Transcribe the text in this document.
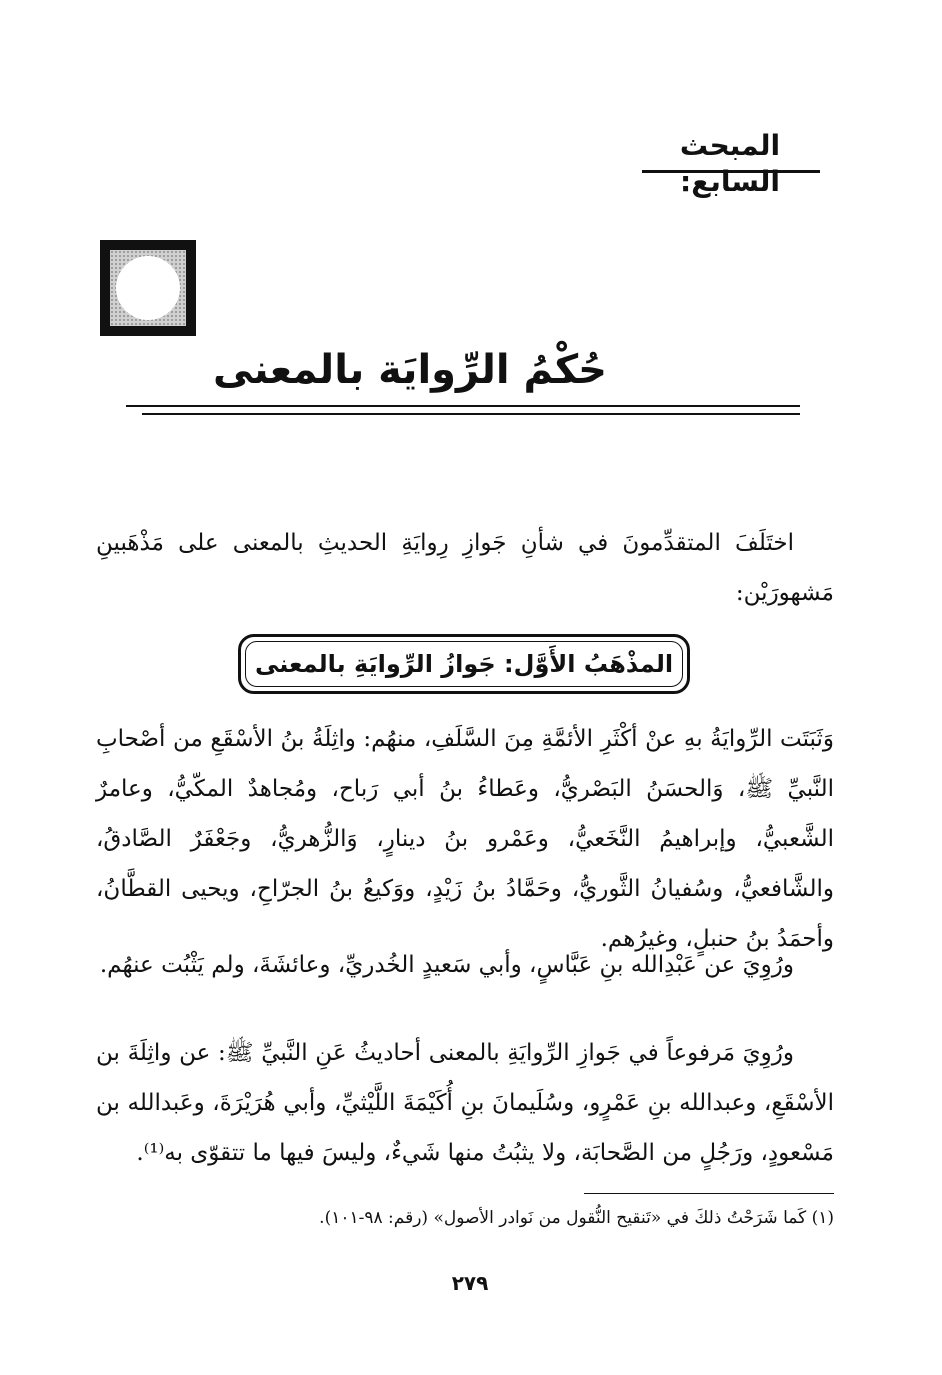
المبحث السابع:
حُكْمُ الرِّوايَة بالمعنى
اختَلَفَ المتقدِّمونَ في شأنِ جَوازِ رِوايَةِ الحديثِ بالمعنى على مَذْهَبينِ مَشهورَيْن:
المذْهَبُ الأَوَّل: جَوازُ الرِّوايَةِ بالمعنى
وَثَبَتَت الرِّوايَةُ بهِ عنْ أكْثَرِ الأئمَّةِ مِنَ السَّلَفِ، منهُم: واثِلَةُ بنُ الأسْقَعِ من أصْحابِ النَّبيِّ ﷺ، وَالحسَنُ البَصْريُّ، وعَطاءُ بنُ أبي رَباح، ومُجاهدٌ المكّيُّ، وعامرٌ الشَّعبيُّ، وإبراهيمُ النَّخَعيُّ، وعَمْرو بنُ دينارٍ، وَالزُّهريُّ، وجَعْفَرٌ الصَّادقُ، والشَّافعيُّ، وسُفيانُ الثَّوريُّ، وحَمَّادُ بنُ زَيْدٍ، ووَكيعُ بنُ الجرّاحِ، ويحيى القطَّانُ، وأحمَدُ بنُ حنبلٍ، وغيرُهم.
ورُوِيَ عن عَبْدِالله بنِ عَبَّاسٍ، وأبي سَعيدٍ الخُدريِّ، وعائشَةَ، ولم يَثْبُت عنهُم.
ورُوِيَ مَرفوعاً في جَوازِ الرِّوايَةِ بالمعنى أحاديثُ عَنِ النَّبيِّ ﷺ: عن واثِلَةَ بن الأسْقَعِ، وعبدالله بنِ عَمْرٍو، وسُلَيمانَ بنِ أُكَيْمَةَ اللَّيْثيِّ، وأبي هُرَيْرَةَ، وعَبدالله بن مَسْعودٍ، ورَجُلٍ من الصَّحابَة، ولا يثبُتُ منها شَيءٌ، وليسَ فيها ما تتقوّى به⁽¹⁾.
(١) كَما شَرَحْتُ ذلكَ في «تَنقيح النُّقول من نَوادر الأصول» (رقم: ٩٨-١٠١).
٢٧٩
